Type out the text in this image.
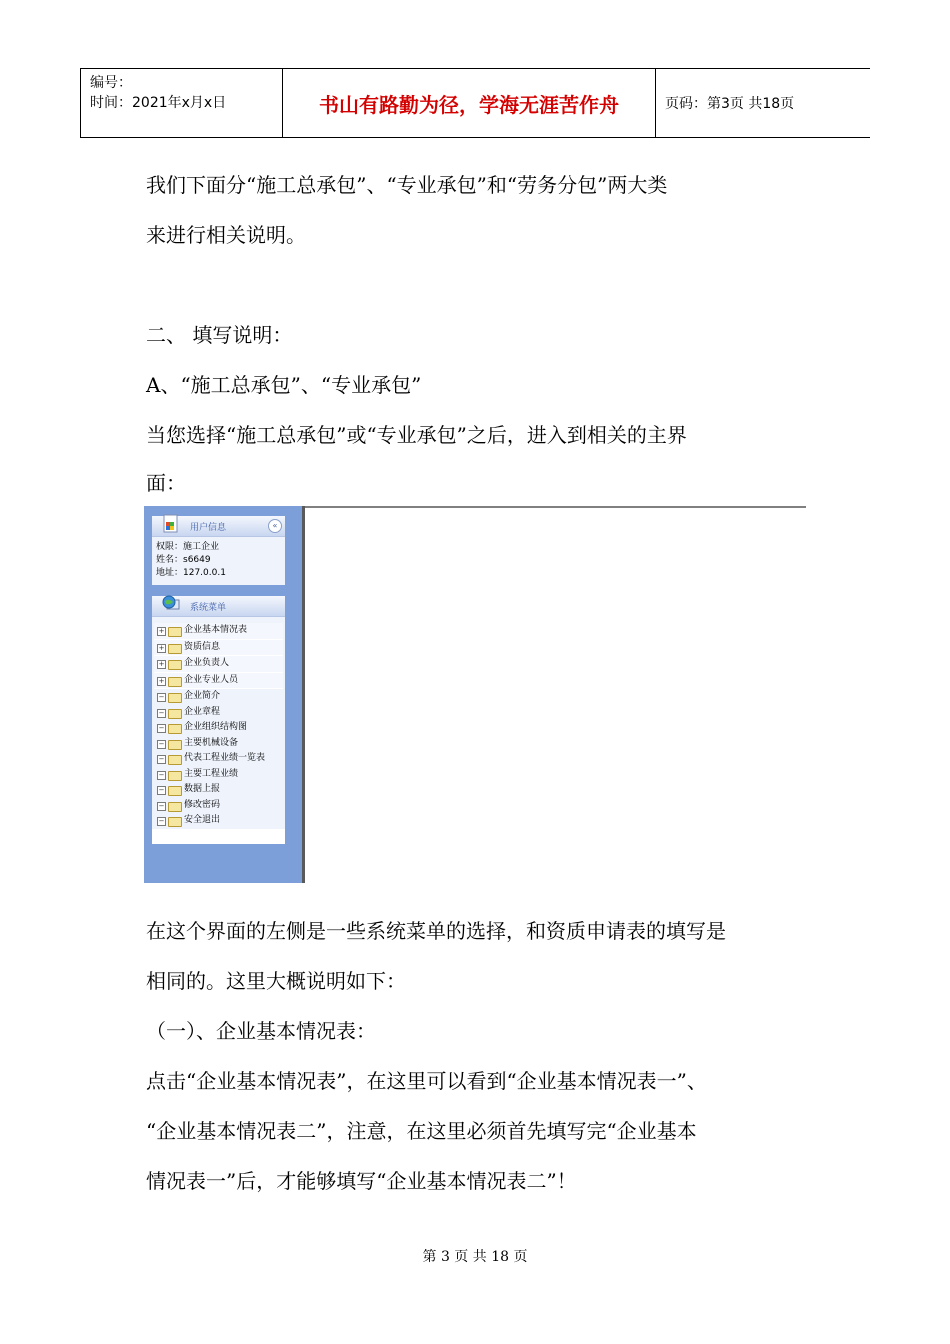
编号：
时间：2021年x月x日	书山有路勤为径，学海无涯苦作舟	页码：第3页 共18页
我们下面分“施工总承包”、“专业承包”和“劳务分包”两大类
来进行相关说明。
二、 填写说明：
A、“施工总承包”、“专业承包”
当您选择“施工总承包”或“专业承包”之后，进入到相关的主界
面：
用户信息	«
权限：施工企业
姓名：s6649
地址：127.0.0.1
系统菜单
+ 企业基本情况表
+ 资质信息
+ 企业负责人
+ 企业专业人员
− 企业简介
− 企业章程
− 企业组织结构图
− 主要机械设备
− 代表工程业绩一览表
− 主要工程业绩
− 数据上报
− 修改密码
− 安全退出
在这个界面的左侧是一些系统菜单的选择，和资质申请表的填写是
相同的。这里大概说明如下：
（一）、企业基本情况表：
点击“企业基本情况表”，在这里可以看到“企业基本情况表一”、
“企业基本情况表二”，注意，在这里必须首先填写完“企业基本
情况表一”后，才能够填写“企业基本情况表二”！
第 3 页 共 18 页
